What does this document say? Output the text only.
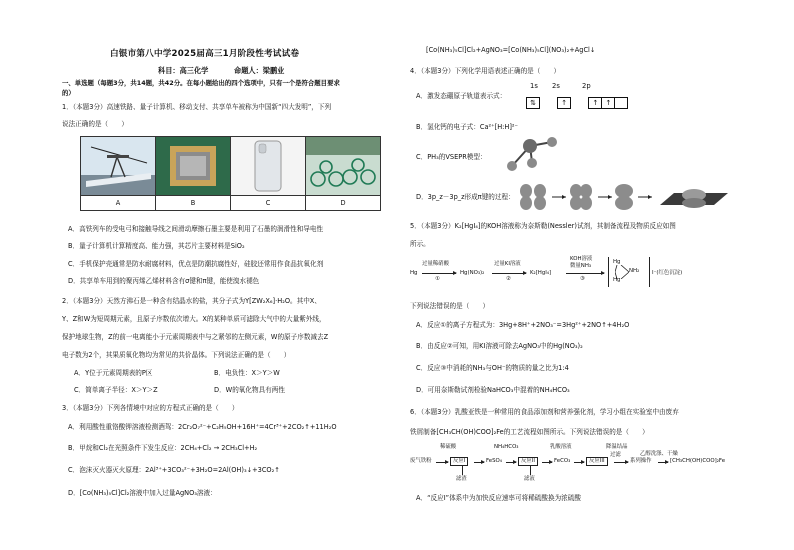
白银市第八中学2025届高三1月阶段性考试试卷
科目：高三化学	命题人：梁鹏业
一、单选题（每题3分，共14题，共42分。在每小题给出的四个选项中，只有一个是符合题目要求
的）
1．（本题3分）高速铁路、量子计算机、移动支付、共享单车被称为中国新“四大发明”，下列
说法正确的是（　　）

A	B	C	D
A．高铁列车的受电弓和接触导线之间滑动摩擦石墨主要是利用了石墨的润滑性和导电性
B．量子计算机计算精度高、能力强，其芯片主要材料是SiO₂
C．手机保护壳通常是防水耐腐材料，优点是防潮抗腐性好，硅胶还常用作食品抗氧化剂
D．共享单车用到的聚丙烯乙烯材料含有σ键和π键，能使溴水褪色
2．（本题3分）天然方沸石是一种含有结晶水的盐，其分子式为Y[ZW₂X₆]·H₂O。其中X、
Y、Z和W为短周期元素，且原子序数依次增大。X的某种单质可滤除大气中的大量紫外线，
保护地球生物，Z的前一电离能小于元素周期表中与之紧邻的左侧元素，W的原子序数减去Z
电子数为2个，其果质氧化物均为常见的共价晶体。下列说法正确的是（　　）
A．Y位于元素周期表的P区	B．电负性：X＞Y＞W
C．简单离子半径：X＞Y＞Z	D．W的氧化物具有两性
3．（本题3分）下列各情境中对应的方程式正确的是（　　）
A．利用酸性重铬酸钾溶液检测酒驾：2Cr₂O₇²⁻+C₂H₅OH+16H⁺=4Cr³⁺+2CO₂↑+11H₂O
B．甲烷和Cl₂在光照条件下发生反应：2CH₄+Cl₂ → 2CH₃Cl+H₂
C．泡沫灭火器灭火原理：2Al³⁺+3CO₃²⁻+3H₂O=2Al(OH)₃↓+3CO₂↑
D．[Co(NH₃)₅Cl]Cl₂溶液中加入过量AgNO₃溶液：
[Co(NH₃)₅Cl]Cl₂+AgNO₃=[Co(NH₃)₅Cl](NO₃)₂+AgCl↓
4．（本题3分）下列化学用语表述正确的是（　　）
A．激发态硼原子轨道表示式：
1s 2s	2p
⇅	↑	↑ ↑
B．氢化钙的电子式：Ca²⁺[H:H]²⁻
C．PH₃的VSEPR模型：
D．3p_z－3p_z形成π键的过程：
5．（本题3分）K₂[HgI₄]的KOH溶液称为奈斯勒(Nessler)试剂，其制备流程及物质反应如图
所示。
Hg
过量稀硝酸
①
Hg(NO₃)₂
过量KI溶液
②
K₂[HgI₄]
KOH溶液
微量NH₃
③
Hg
Hg
NH₂ I⁻(红色沉淀)
下列说法错误的是（　　）
A．反应①的离子方程式为：3Hg+8H⁺+2NO₃⁻=3Hg²⁺+2NO↑+4H₂O
B．由反应②可知，用KI溶液可除去AgNO₃中的Hg(NO₃)₂
C．反应③中消耗的NH₃与OH⁻的物质的量之比为1:4
D．可用奈斯勒试剂检验NaHCO₃中混着的NH₄HCO₃
6．（本题3分）乳酸亚铁是一种常用的食品添加剂和营养强化剂，学习小组在实验室中由废弃
铁屑制备[CH₃CH(OH)COO]₂Fe的工艺流程如图所示。下列说法错误的是（　　）
稀硫酸	NH₄HCO₃	乳酸溶液	降温结晶
过滤
废气铁粉	反应I	FeSO₄	反应II	FeCO₃	反应III	系列操作
乙醇洗涤、干燥
[CH₃CH(OH)COO]₂Fe
滤渣	滤液
A．“反应I”体系中为加快反应速率可将稀硫酸换为浓硫酸
